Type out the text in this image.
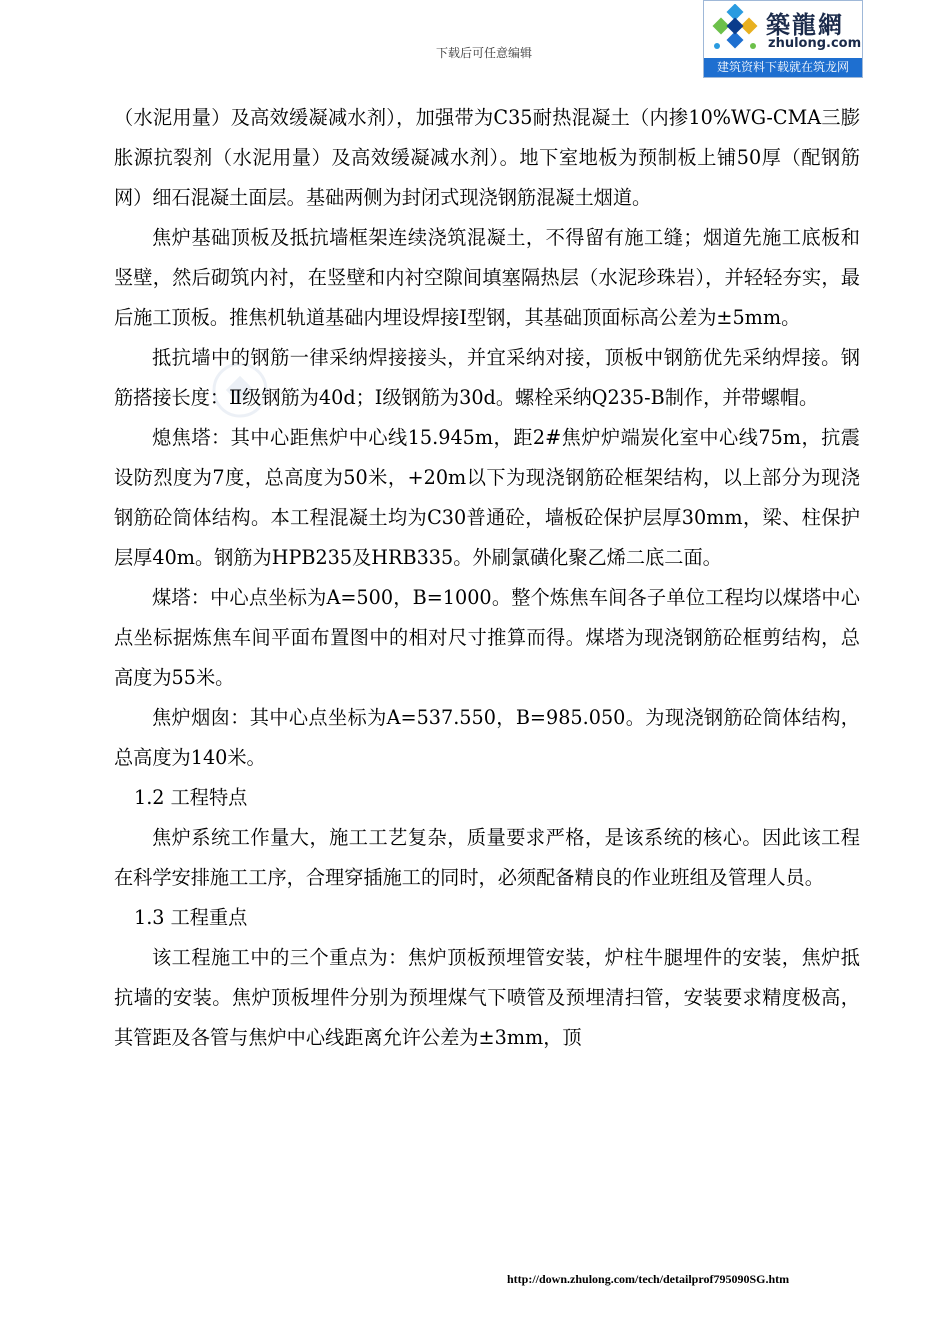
下载后可任意编辑
築龍網
zhulong.com
建筑资料下载就在筑龙网

（水泥用量）及高效缓凝减水剂），加强带为C35耐热混凝土（内掺10%WG-CMA三膨胀源抗裂剂（水泥用量）及高效缓凝减水剂）。地下室地板为预制板上铺50厚（配钢筋网）细石混凝土面层。基础两侧为封闭式现浇钢筋混凝土烟道。

焦炉基础顶板及抵抗墙框架连续浇筑混凝土，不得留有施工缝；烟道先施工底板和竖壁，然后砌筑内衬，在竖壁和内衬空隙间填塞隔热层（水泥珍珠岩），并轻轻夯实，最后施工顶板。推焦机轨道基础内埋设焊接Ⅰ型钢，其基础顶面标高公差为±5mm。

抵抗墙中的钢筋一律采纳焊接接头，并宜采纳对接，顶板中钢筋优先采纳焊接。钢筋搭接长度：Ⅱ级钢筋为40d；Ⅰ级钢筋为30d。螺栓采纳Q235-B制作，并带螺帽。

熄焦塔：其中心距焦炉中心线15.945m，距2#焦炉炉端炭化室中心线75m，抗震设防烈度为7度，总高度为50米，+20m以下为现浇钢筋砼框架结构，以上部分为现浇钢筋砼筒体结构。本工程混凝土均为C30普通砼，墙板砼保护层厚30mm，梁、柱保护层厚40m。钢筋为HPB235及HRB335。外刷氯磺化聚乙烯二底二面。

煤塔：中心点坐标为A=500，B=1000。整个炼焦车间各子单位工程均以煤塔中心点坐标据炼焦车间平面布置图中的相对尺寸推算而得。煤塔为现浇钢筋砼框剪结构，总高度为55米。

焦炉烟囱：其中心点坐标为A=537.550，B=985.050。为现浇钢筋砼筒体结构，总高度为140米。

1.2 工程特点

焦炉系统工作量大，施工工艺复杂，质量要求严格，是该系统的核心。因此该工程在科学安排施工工序，合理穿插施工的同时，必须配备精良的作业班组及管理人员。

1.3 工程重点

该工程施工中的三个重点为：焦炉顶板预埋管安装，炉柱牛腿埋件的安装，焦炉抵抗墙的安装。焦炉顶板埋件分别为预埋煤气下喷管及预埋清扫管，安装要求精度极高，其管距及各管与焦炉中心线距离允许公差为±3mm，顶

http://down.zhulong.com/tech/detailprof795090SG.htm
